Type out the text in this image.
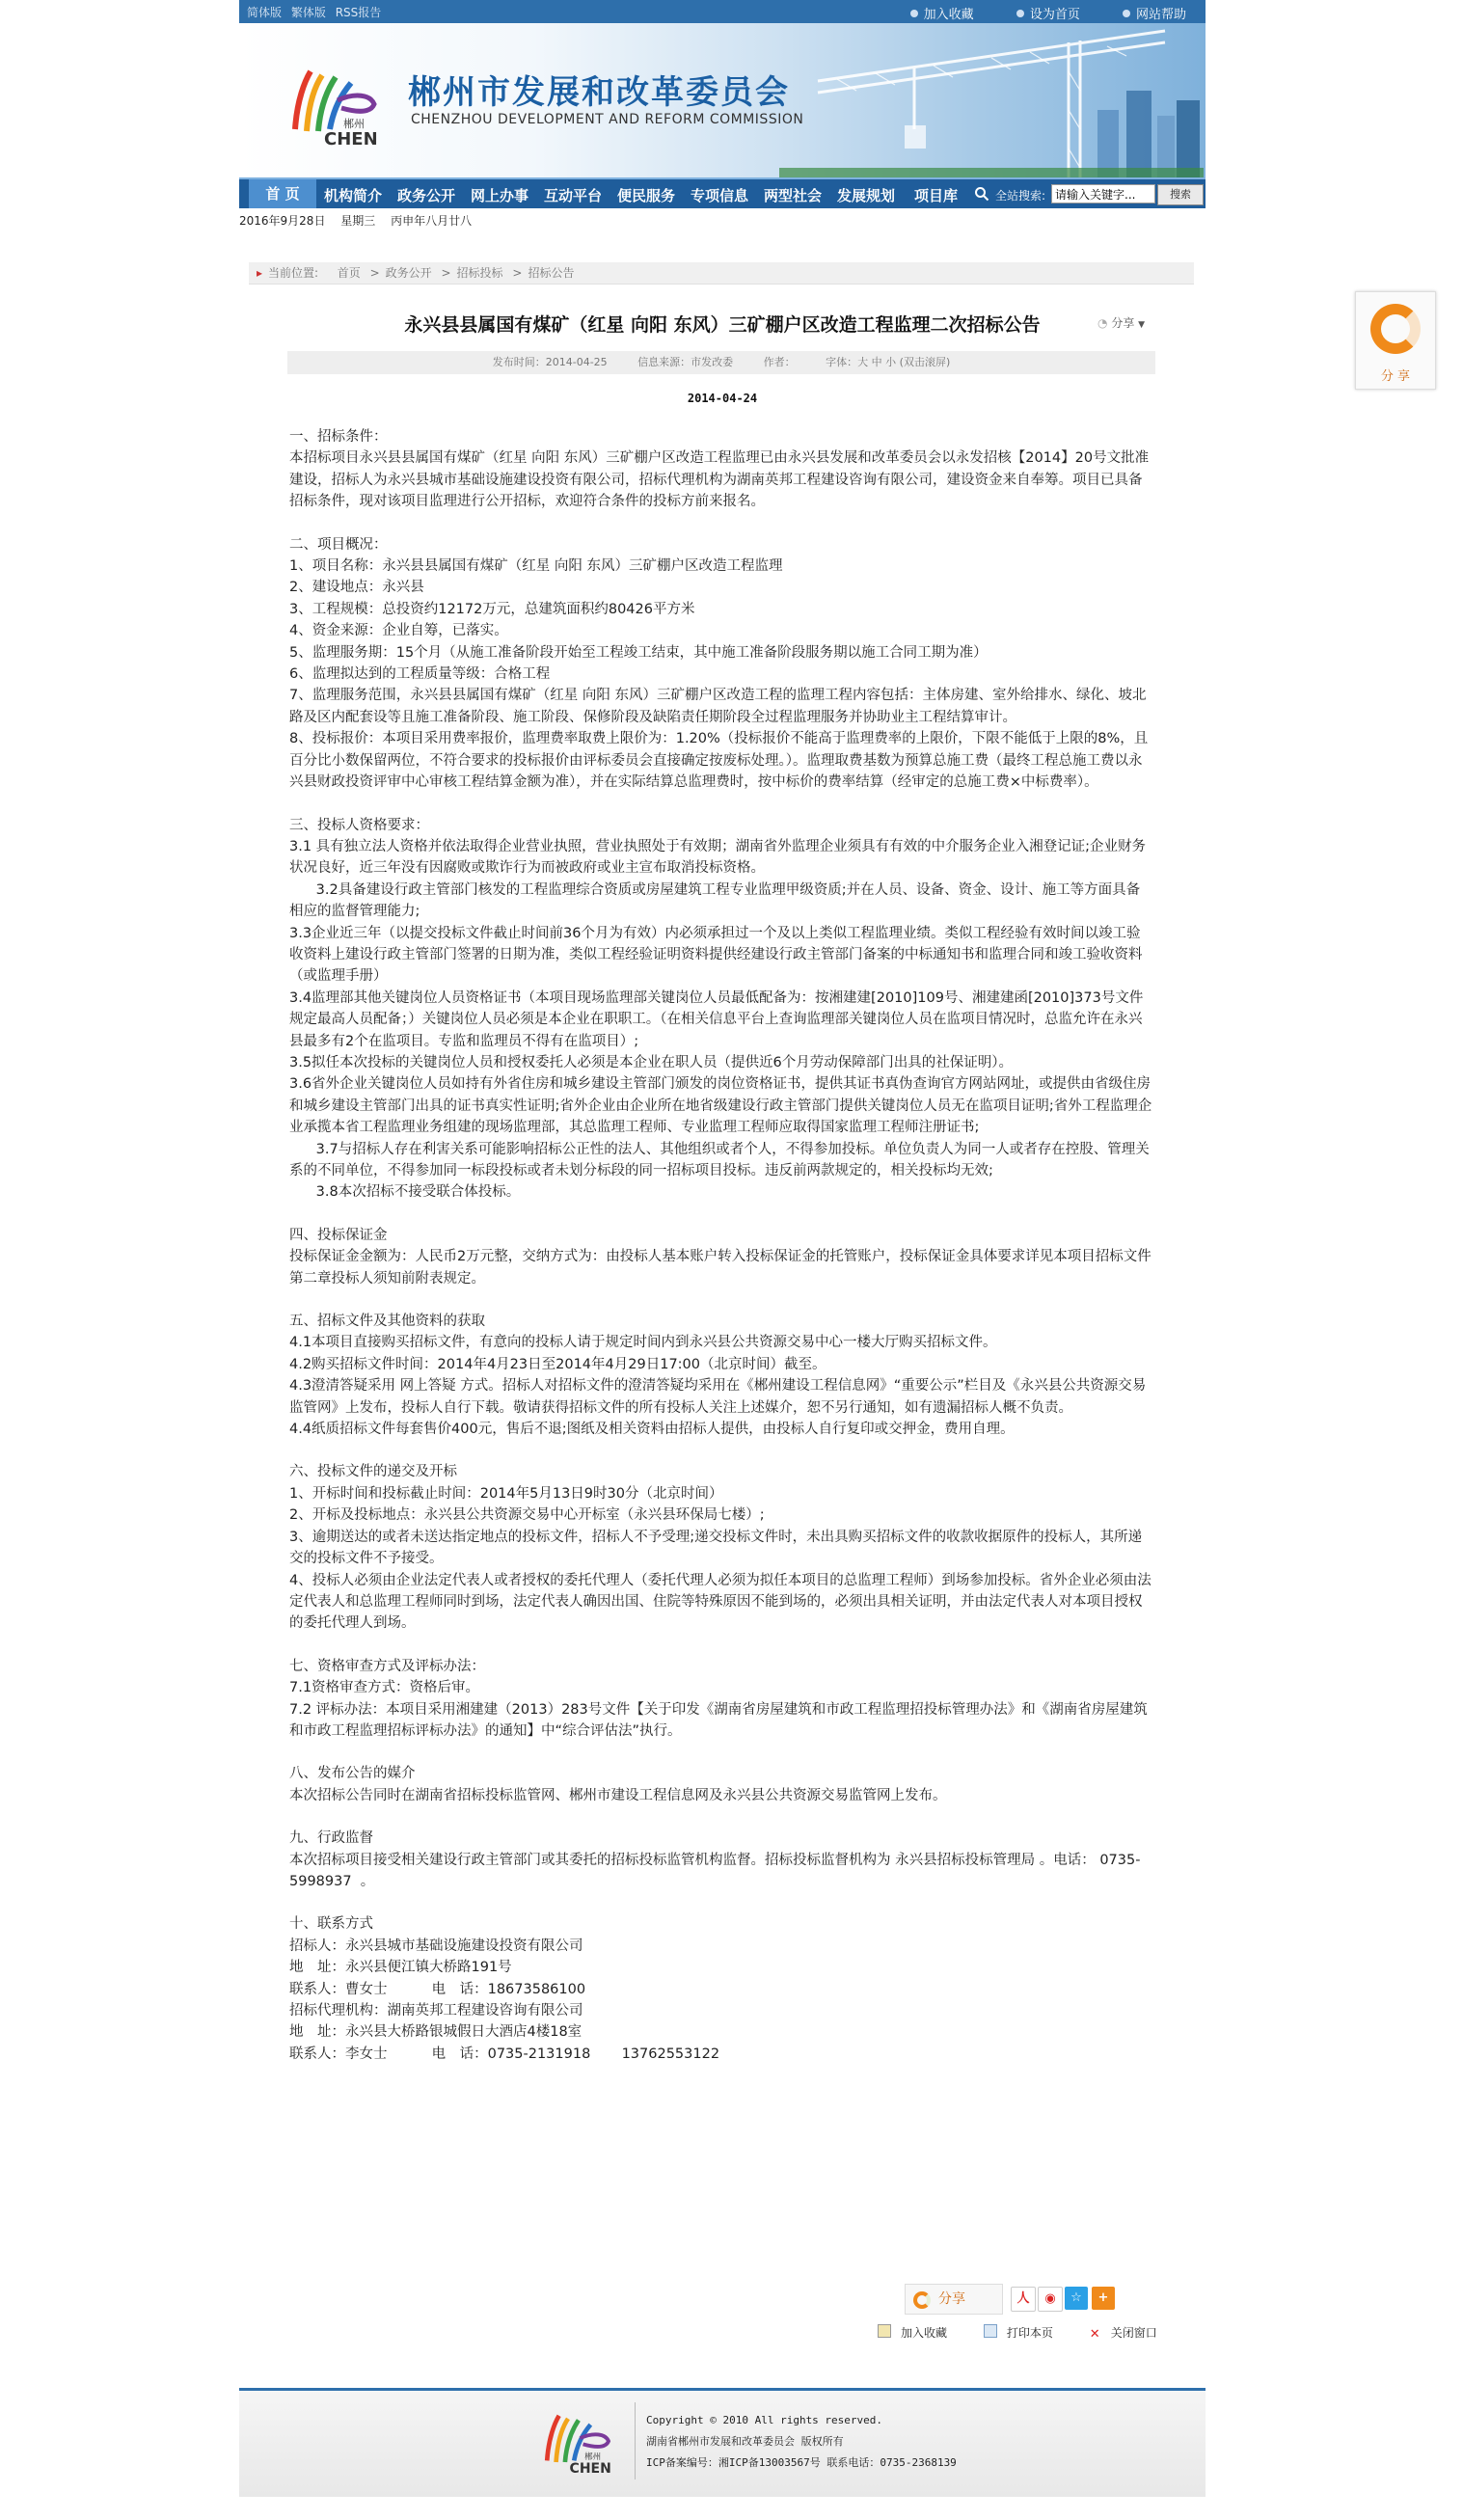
简体版 繁体版 RSS报告	加入收藏	设为首页	网站帮助
郴州
CHEN
郴州市发展和改革委员会
CHENZHOU DEVELOPMENT AND REFORM COMMISSION
首 页	机构简介 政务公开 网上办事 互动平台 便民服务 专项信息 两型社会 发展规划 项目库	全站搜索:
请输入关键字...	搜索
2016年9月28日 星期三 丙申年八月廿八
▸ 当前位置: 首页 > 政务公开 > 招标投标 > 招标公告
永兴县县属国有煤矿（红星 向阳 东风）三矿棚户区改造工程监理二次招标公告	◔ 分享 ▼
发布时间：2014-04-25	信息来源：市发改委	作者：	字体：大 中 小 (双击滚屏)
2014-04-24

一、招标条件：

本招标项目永兴县县属国有煤矿（红星 向阳 东风）三矿棚户区改造工程监理已由永兴县发展和改革委员会以永发招核【2014】20号文批准建设，招标人为永兴县城市基础设施建设投资有限公司，招标代理机构为湖南英邦工程建设咨询有限公司，建设资金来自奉筹。项目已具备招标条件，现对该项目监理进行公开招标，欢迎符合条件的投标方前来报名。

二、项目概况：

1、项目名称：永兴县县属国有煤矿（红星 向阳 东风）三矿棚户区改造工程监理

2、建设地点：永兴县

3、工程规模：总投资约12172万元，总建筑面积约80426平方米

4、资金来源：企业自筹，已落实。

5、监理服务期：15个月（从施工准备阶段开始至工程竣工结束，其中施工准备阶段服务期以施工合同工期为准）

6、监理拟达到的工程质量等级：合格工程

7、监理服务范围，永兴县县属国有煤矿（红星 向阳 东风）三矿棚户区改造工程的监理工程内容包括：主体房建、室外给排水、绿化、坡北路及区内配套设等且施工准备阶段、施工阶段、保修阶段及缺陷责任期阶段全过程监理服务并协助业主工程结算审计。

8、投标报价：本项目采用费率报价，监理费率取费上限价为：1.20%（投标报价不能高于监理费率的上限价，下限不能低于上限的8%，且百分比小数保留两位，不符合要求的投标报价由评标委员会直接确定按废标处理。）。监理取费基数为预算总施工费（最终工程总施工费以永兴县财政投资评审中心审核工程结算金额为准），并在实际结算总监理费时，按中标价的费率结算（经审定的总施工费×中标费率）。

三、投标人资格要求：

3.1 具有独立法人资格并依法取得企业营业执照，营业执照处于有效期；湖南省外监理企业须具有有效的中介服务企业入湘登记证;企业财务状况良好，近三年没有因腐败或欺诈行为而被政府或业主宣布取消投标资格。

3.2具备建设行政主管部门核发的工程监理综合资质或房屋建筑工程专业监理甲级资质;并在人员、设备、资金、设计、施工等方面具备相应的监督管理能力;

3.3企业近三年（以提交投标文件截止时间前36个月为有效）内必须承担过一个及以上类似工程监理业绩。类似工程经验有效时间以竣工验收资料上建设行政主管部门签署的日期为准，类似工程经验证明资料提供经建设行政主管部门备案的中标通知书和监理合同和竣工验收资料（或监理手册）

3.4监理部其他关键岗位人员资格证书（本项目现场监理部关键岗位人员最低配备为：按湘建建[2010]109号、湘建建函[2010]373号文件规定最高人员配备；）关键岗位人员必须是本企业在职职工。（在相关信息平台上查询监理部关键岗位人员在监项目情况时，总监允许在永兴县最多有2个在监项目。专监和监理员不得有在监项目）;

3.5拟任本次投标的关键岗位人员和授权委托人必须是本企业在职人员（提供近6个月劳动保障部门出具的社保证明）。

3.6省外企业关键岗位人员如持有外省住房和城乡建设主管部门颁发的岗位资格证书，提供其证书真伪查询官方网站网址，或提供由省级住房和城乡建设主管部门出具的证书真实性证明;省外企业由企业所在地省级建设行政主管部门提供关键岗位人员无在监项目证明;省外工程监理企业承揽本省工程监理业务组建的现场监理部，其总监理工程师、专业监理工程师应取得国家监理工程师注册证书;

3.7与招标人存在利害关系可能影响招标公正性的法人、其他组织或者个人，不得参加投标。单位负责人为同一人或者存在控股、管理关系的不同单位，不得参加同一标段投标或者未划分标段的同一招标项目投标。违反前两款规定的，相关投标均无效;

3.8本次招标不接受联合体投标。

四、投标保证金

投标保证金金额为：人民币2万元整，交纳方式为：由投标人基本账户转入投标保证金的托管账户，投标保证金具体要求详见本项目招标文件第二章投标人须知前附表规定。

五、招标文件及其他资料的获取

4.1本项目直接购买招标文件，有意向的投标人请于规定时间内到永兴县公共资源交易中心一楼大厅购买招标文件。

4.2购买招标文件时间：2014年4月23日至2014年4月29日17:00（北京时间）截至。

4.3澄清答疑采用 网上答疑 方式。招标人对招标文件的澄清答疑均采用在《郴州建设工程信息网》“重要公示”栏目及《永兴县公共资源交易监管网》上发布，投标人自行下载。敬请获得招标文件的所有投标人关注上述媒介，恕不另行通知，如有遗漏招标人概不负责。

4.4纸质招标文件每套售价400元，售后不退;图纸及相关资料由招标人提供，由投标人自行复印或交押金，费用自理。

六、投标文件的递交及开标

1、开标时间和投标截止时间：2014年5月13日9时30分（北京时间）

2、开标及投标地点：永兴县公共资源交易中心开标室（永兴县环保局七楼）;

3、逾期送达的或者未送达指定地点的投标文件，招标人不予受理;递交投标文件时，未出具购买招标文件的收款收据原件的投标人，其所递交的投标文件不予接受。

4、投标人必须由企业法定代表人或者授权的委托代理人（委托代理人必须为拟任本项目的总监理工程师）到场参加投标。省外企业必须由法定代表人和总监理工程师同时到场，法定代表人确因出国、住院等特殊原因不能到场的，必须出具相关证明，并由法定代表人对本项目授权的委托代理人到场。

七、资格审查方式及评标办法：

7.1资格审查方式：资格后审。

7.2 评标办法：本项目采用湘建建（2013）283号文件【关于印发《湖南省房屋建筑和市政工程监理招投标管理办法》和《湖南省房屋建筑和市政工程监理招标评标办法》的通知】中“综合评估法”执行。

八、发布公告的媒介

本次招标公告同时在湖南省招标投标监管网、郴州市建设工程信息网及永兴县公共资源交易监管网上发布。

九、行政监督

本次招标项目接受相关建设行政主管部门或其委托的招标投标监管机构监督。招标投标监督机构为 永兴县招标投标管理局 。电话： 0735-5998937  。

十、联系方式

招标人：永兴县城市基础设施建设投资有限公司

地　址：永兴县便江镇大桥路191号

联系人：曹女士          电　话：18673586100

招标代理机构：湖南英邦工程建设咨询有限公司

地　址：永兴县大桥路银城假日大酒店4楼18室

联系人：李女士          电　话：0735-2131918       13762553122

分享	人	◉	☆	+
加入收藏	打印本页	✕ 关闭窗口
郴州
CHEN
Copyright © 2010 All rights reserved.
湖南省郴州市发展和改革委员会 版权所有
ICP备案编号：湘ICP备13003567号 联系电话：0735-2368139
分 享
